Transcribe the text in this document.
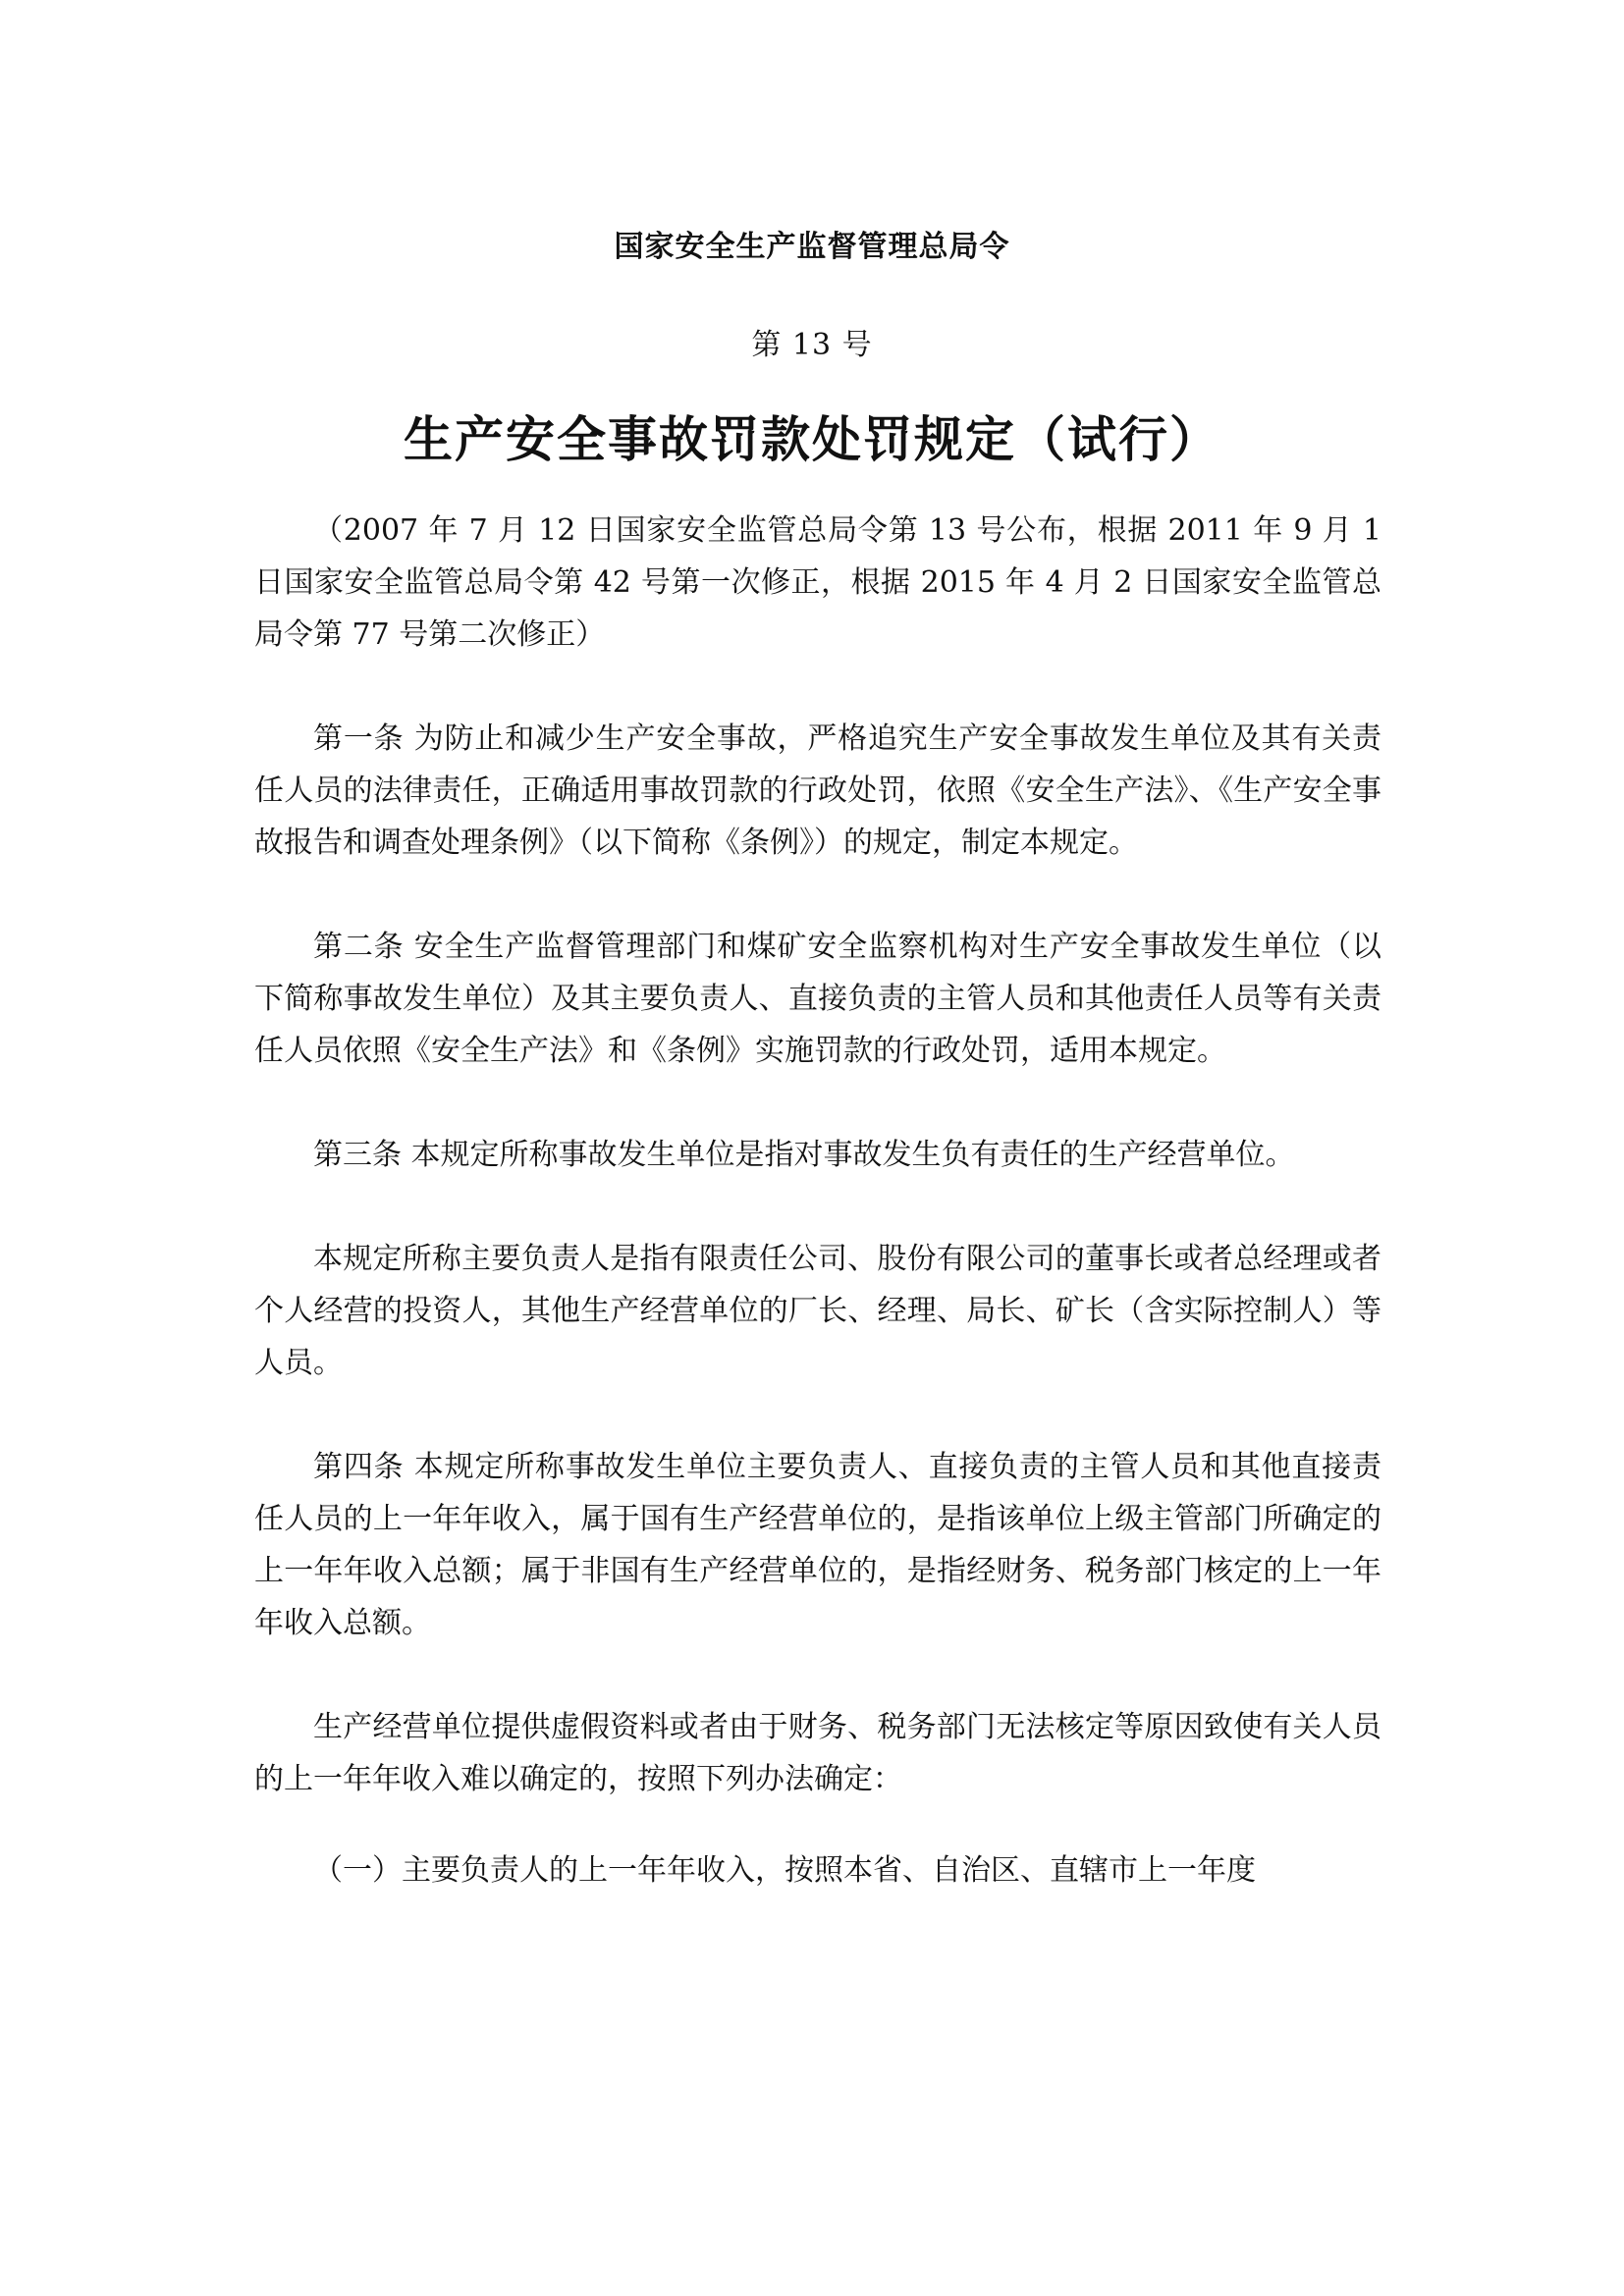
国家安全生产监督管理总局令
第 13 号
生产安全事故罚款处罚规定（试行）

（2007 年 7 月 12 日国家安全监管总局令第 13 号公布，根据 2011 年 9 月 1 日国家安全监管总局令第 42 号第一次修正，根据 2015 年 4 月 2 日国家安全监管总局令第 77 号第二次修正）

第一条 为防止和减少生产安全事故，严格追究生产安全事故发生单位及其有关责任人员的法律责任，正确适用事故罚款的行政处罚，依照《安全生产法》、《生产安全事故报告和调查处理条例》（以下简称《条例》）的规定，制定本规定。

第二条 安全生产监督管理部门和煤矿安全监察机构对生产安全事故发生单位（以下简称事故发生单位）及其主要负责人、直接负责的主管人员和其他责任人员等有关责任人员依照《安全生产法》和《条例》实施罚款的行政处罚，适用本规定。

第三条 本规定所称事故发生单位是指对事故发生负有责任的生产经营单位。

本规定所称主要负责人是指有限责任公司、股份有限公司的董事长或者总经理或者个人经营的投资人，其他生产经营单位的厂长、经理、局长、矿长（含实际控制人）等人员。

第四条 本规定所称事故发生单位主要负责人、直接负责的主管人员和其他直接责任人员的上一年年收入，属于国有生产经营单位的，是指该单位上级主管部门所确定的上一年年收入总额；属于非国有生产经营单位的，是指经财务、税务部门核定的上一年年收入总额。

生产经营单位提供虚假资料或者由于财务、税务部门无法核定等原因致使有关人员的上一年年收入难以确定的，按照下列办法确定：

（一）主要负责人的上一年年收入，按照本省、自治区、直辖市上一年度
